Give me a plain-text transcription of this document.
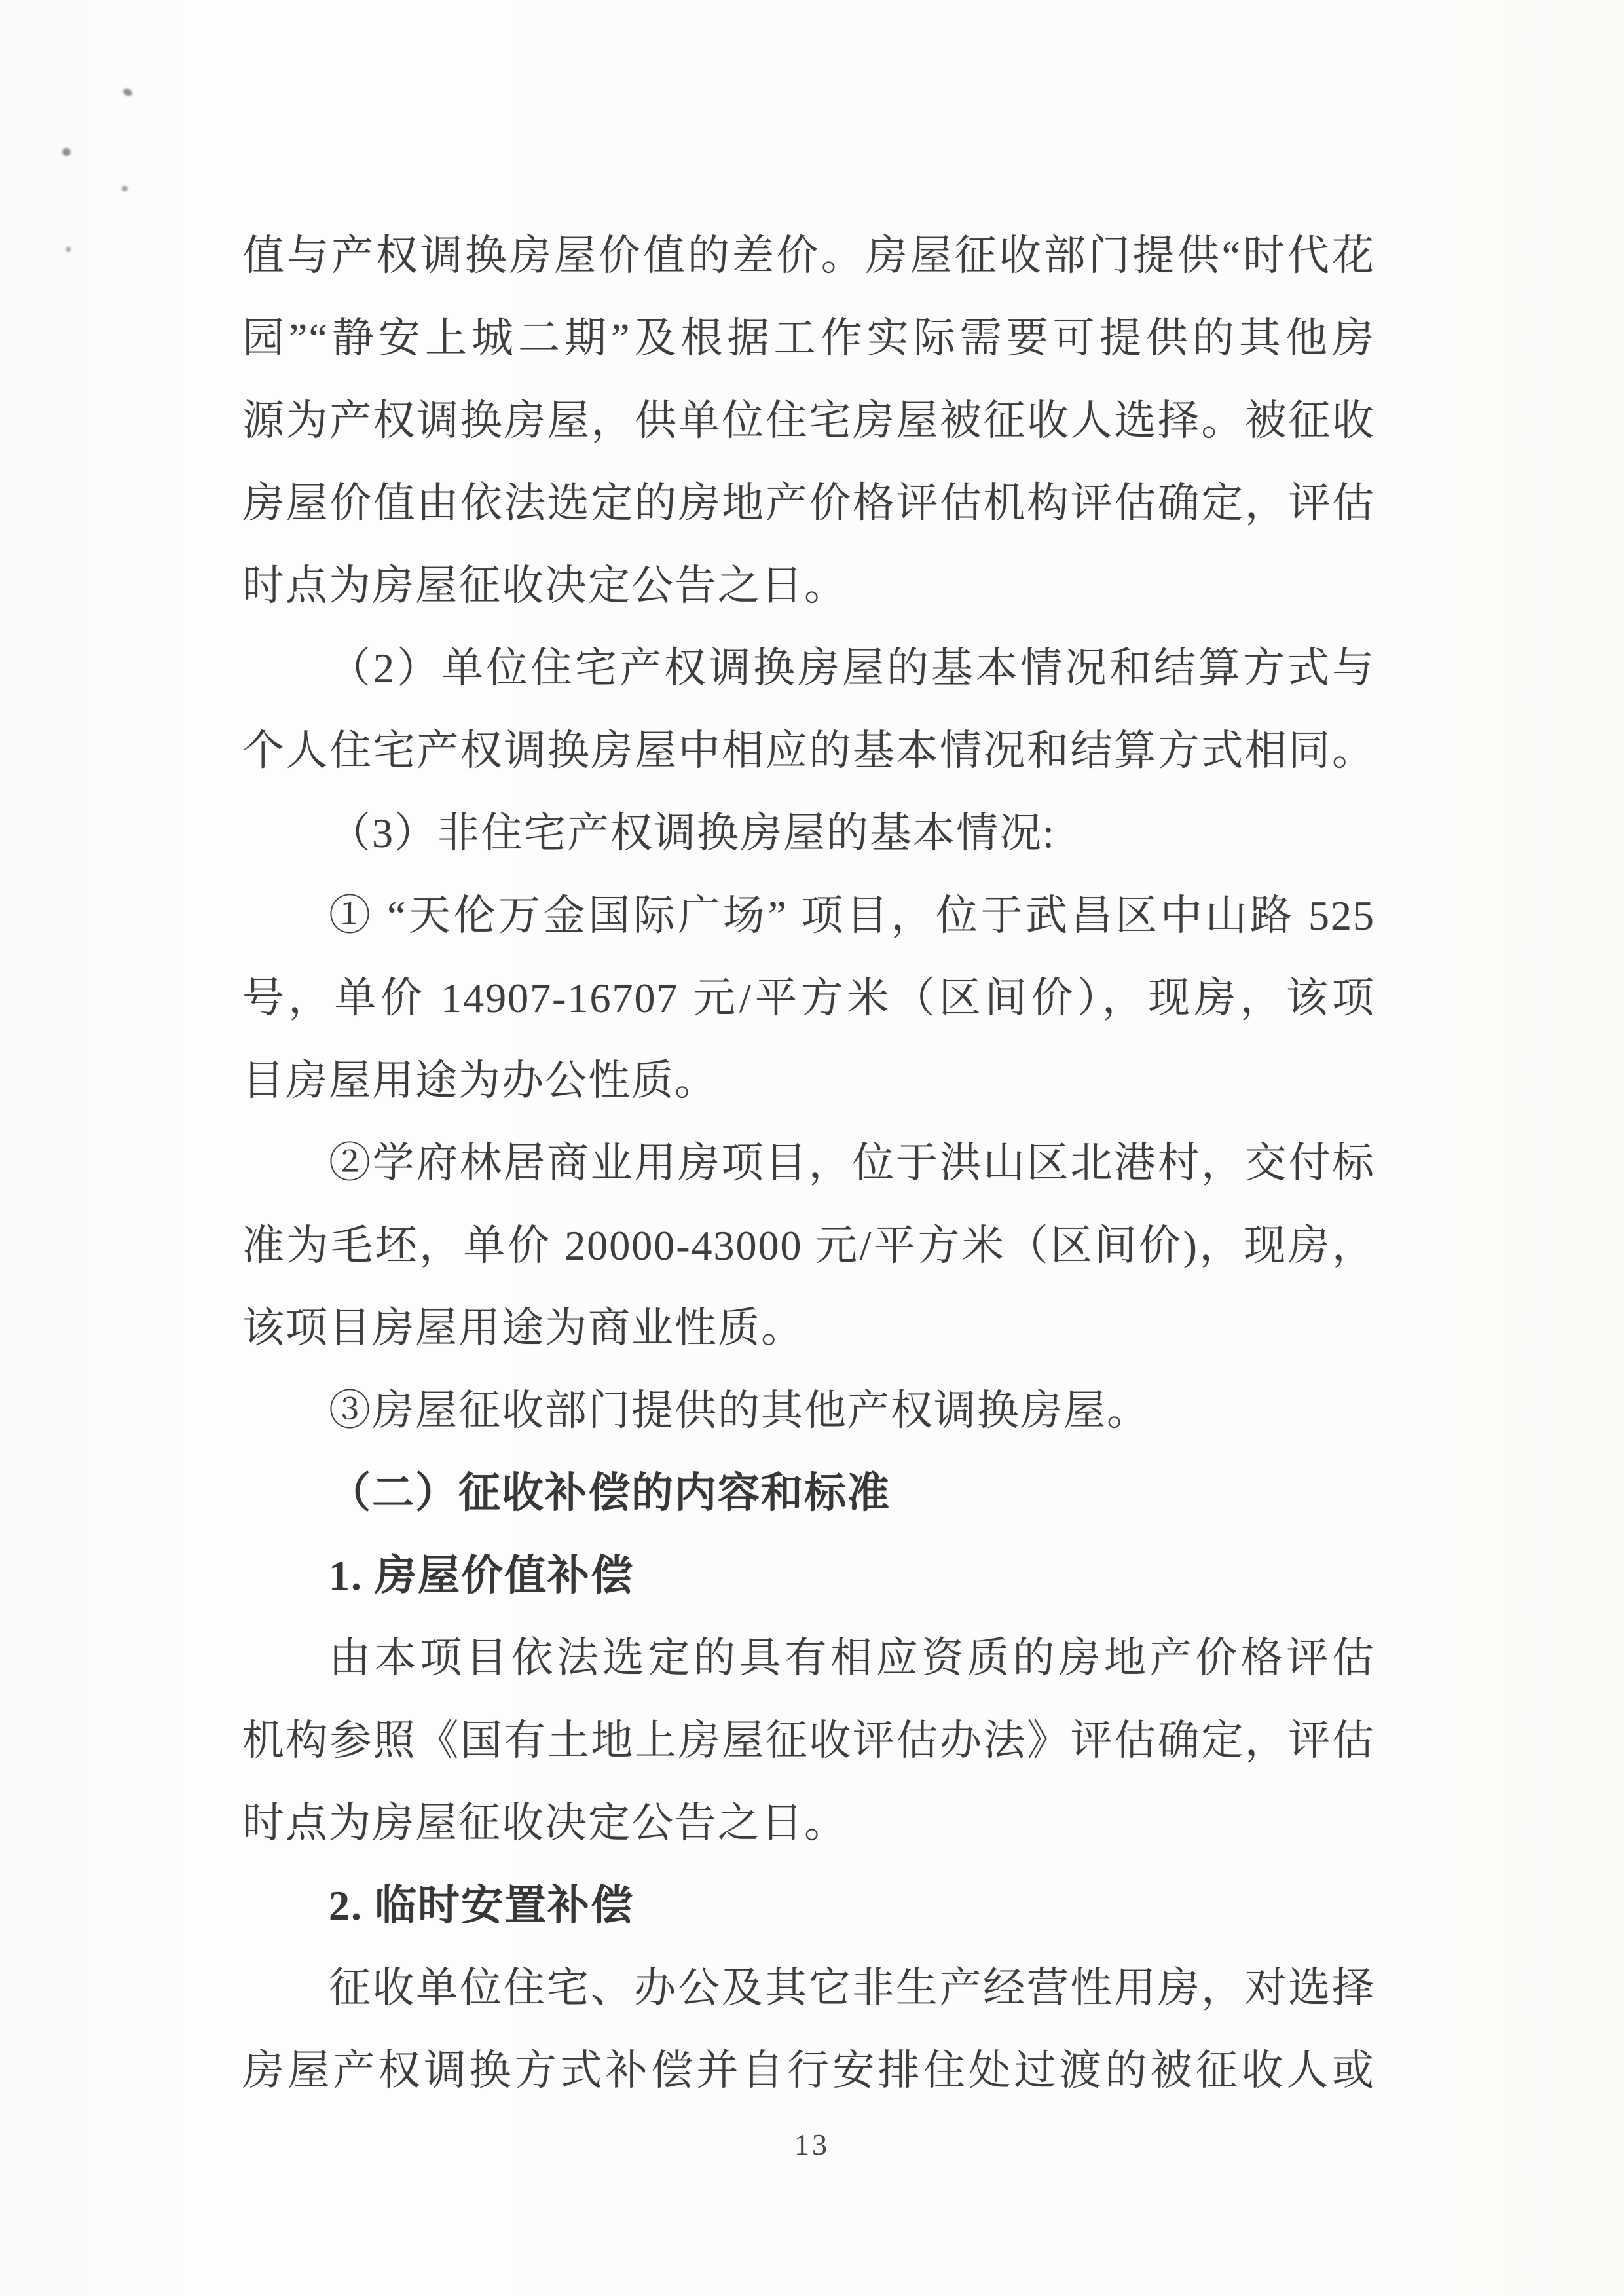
值与产权调换房屋价值的差价。房屋征收部门提供“时代花
园”“静安上城二期”及根据工作实际需要可提供的其他房
源为产权调换房屋，供单位住宅房屋被征收人选择。被征收
房屋价值由依法选定的房地产价格评估机构评估确定，评估
时点为房屋征收决定公告之日。
（2）单位住宅产权调换房屋的基本情况和结算方式与
个人住宅产权调换房屋中相应的基本情况和结算方式相同。
（3）非住宅产权调换房屋的基本情况:
① “天伦万金国际广场” 项目，位于武昌区中山路 525
号，单价 14907-16707 元/平方米（区间价），现房，该项
目房屋用途为办公性质。
②学府林居商业用房项目，位于洪山区北港村，交付标
准为毛坯，单价 20000-43000 元/平方米（区间价)，现房，
该项目房屋用途为商业性质。
③房屋征收部门提供的其他产权调换房屋。
（二）征收补偿的内容和标准
1. 房屋价值补偿
由本项目依法选定的具有相应资质的房地产价格评估
机构参照《国有土地上房屋征收评估办法》评估确定，评估
时点为房屋征收决定公告之日。
2. 临时安置补偿
征收单位住宅、办公及其它非生产经营性用房，对选择
房屋产权调换方式补偿并自行安排住处过渡的被征收人或
13
